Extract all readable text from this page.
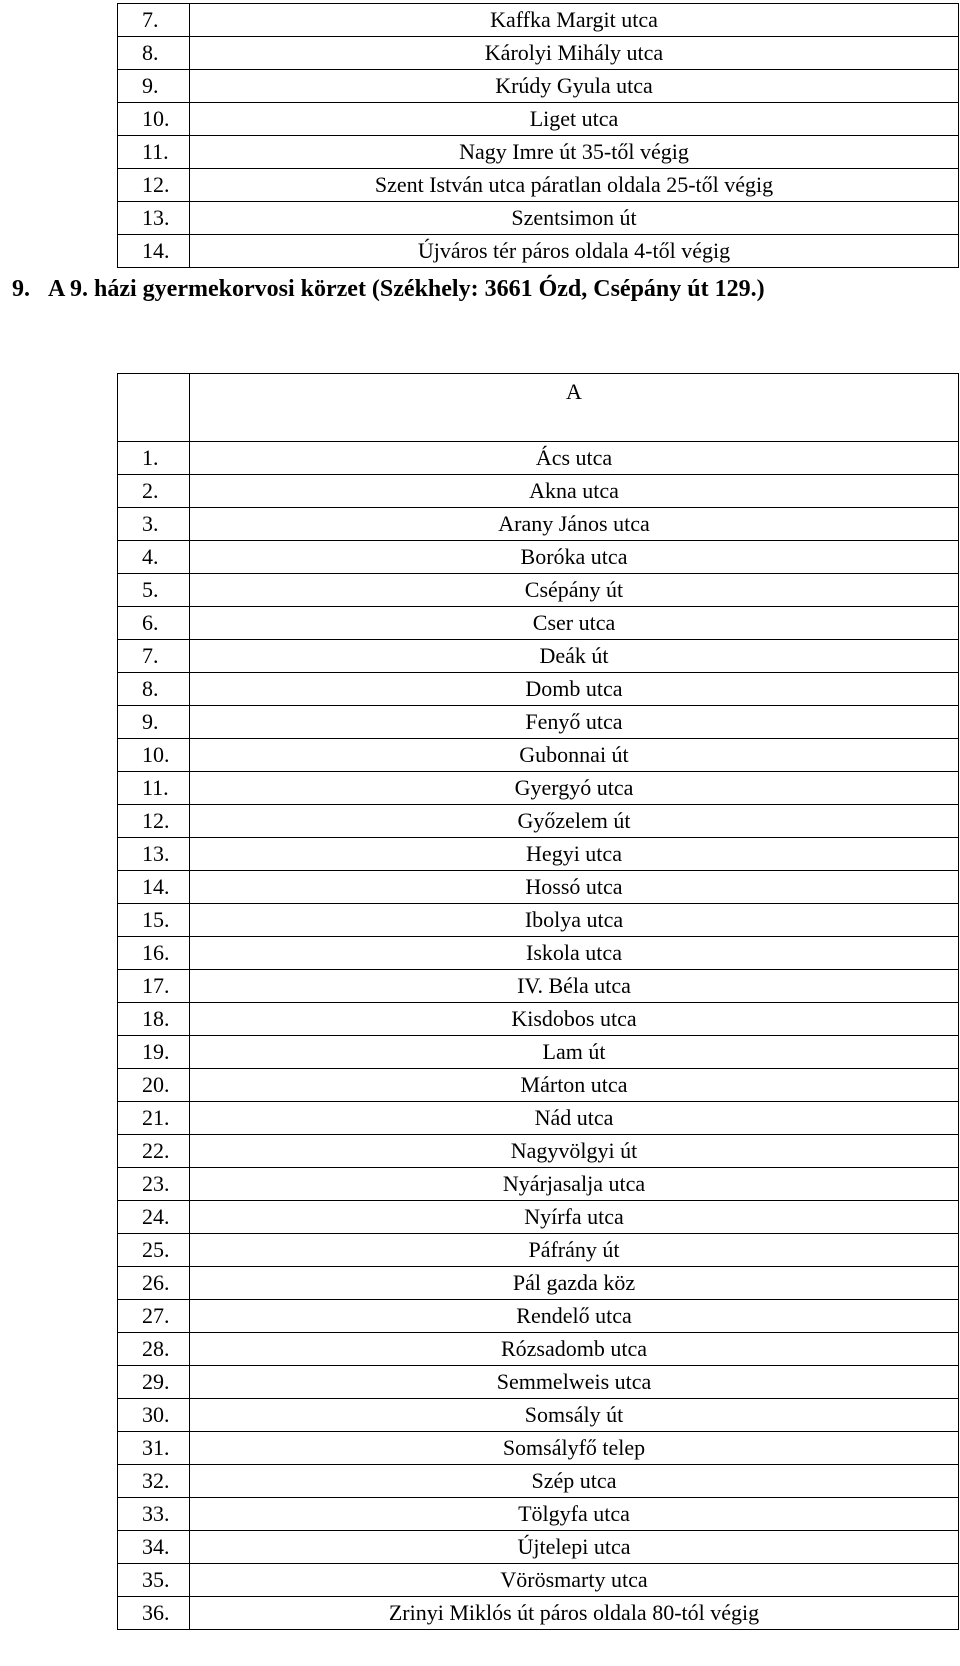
7.	Kaffka Margit utca
8.	Károlyi Mihály utca
9.	Krúdy Gyula utca
10.	Liget utca
11.	Nagy Imre út 35-től végig
12.	Szent István utca páratlan oldala 25-től végig
13.	Szentsimon út
14.	Újváros tér páros oldala 4-től végig
9. A 9. házi gyermekorvosi körzet (Székhely: 3661 Ózd, Csépány út 129.)
	A
1.	Ács utca
2.	Akna utca
3.	Arany János utca
4.	Boróka utca
5.	Csépány út
6.	Cser utca
7.	Deák út
8.	Domb utca
9.	Fenyő utca
10.	Gubonnai út
11.	Gyergyó utca
12.	Győzelem út
13.	Hegyi utca
14.	Hossó utca
15.	Ibolya utca
16.	Iskola utca
17.	IV. Béla utca
18.	Kisdobos utca
19.	Lam út
20.	Márton utca
21.	Nád utca
22.	Nagyvölgyi út
23.	Nyárjasalja utca
24.	Nyírfa utca
25.	Páfrány út
26.	Pál gazda köz
27.	Rendelő utca
28.	Rózsadomb utca
29.	Semmelweis utca
30.	Somsály út
31.	Somsályfő telep
32.	Szép utca
33.	Tölgyfa utca
34.	Újtelepi utca
35.	Vörösmarty utca
36.	Zrinyi Miklós út páros oldala 80-tól végig
